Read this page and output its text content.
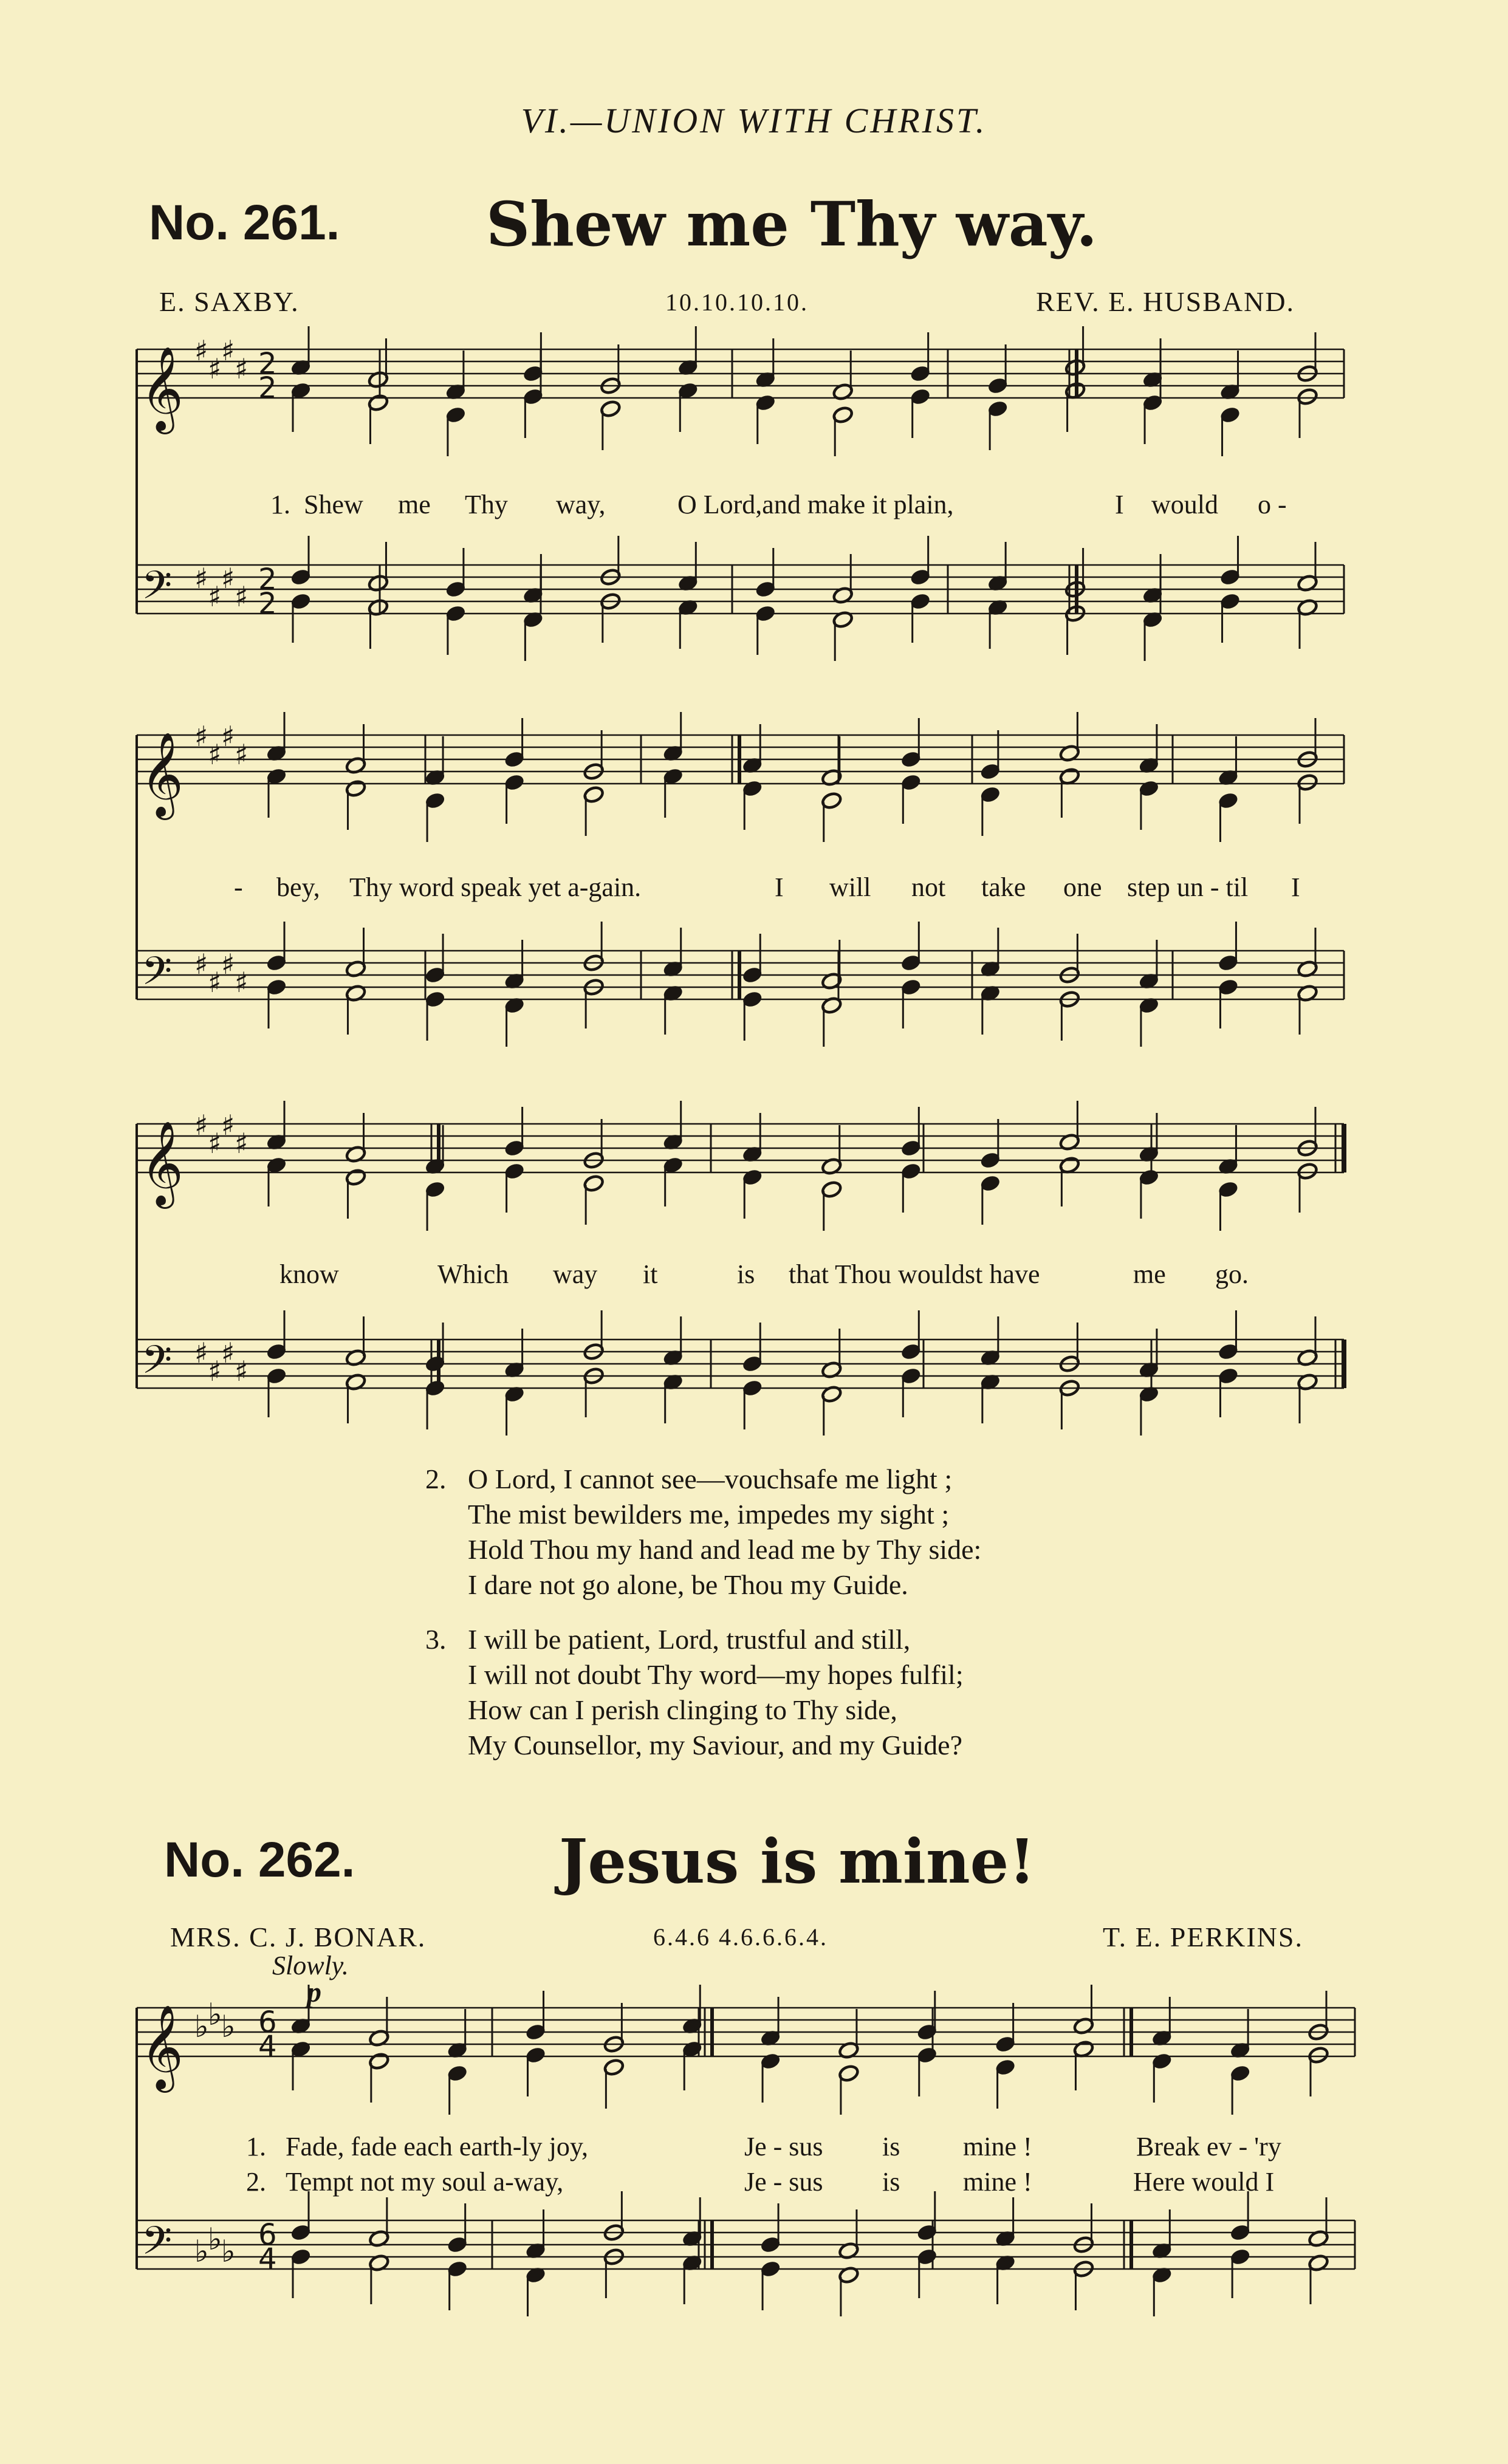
VI.—UNION WITH CHRIST.
No. 261. Shew me Thy way.
E. SAXBY.	10.10.10.10.	REV. E. HUSBAND.
𝄞
𝄢
♯
♯
♯
♯
♯
♯
♯
♯
2
2
2
2
𝄞
𝄢
♯
♯
♯
♯
♯
♯
♯
♯
𝄞
𝄢
♯
♯
♯
♯
♯
♯
♯
♯
𝄞
𝄢
♭
♭
♭
♭
♭
♭
6
4
6
4
1. Shew me Thy way,	O Lord,and make it plain,	I would o -
- bey, Thy word speak yet a-gain.	I will not take one step un - til I
know	Which way it	is that Thou wouldst have	me go.
2. O Lord, I cannot see—vouchsafe me light ;
The mist bewilders me, impedes my sight ;
Hold Thou my hand and lead me by Thy side:
I dare not go alone, be Thou my Guide.
3. I will be patient, Lord, trustful and still,
I will not doubt Thy word—my hopes fulfil;
How can I perish clinging to Thy side,
My Counsellor, my Saviour, and my Guide?
No. 262.	Jesus is mine!
MRS. C. J. BONAR.	6.4.6 4.6.6.6.4.	T. E. PERKINS.
Slowly.
p
1. Fade, fade each earth-ly joy,	Je - sus is mine !	Break ev - 'ry
2. Tempt not my soul a-way,	Je - sus is mine !	Here would I
